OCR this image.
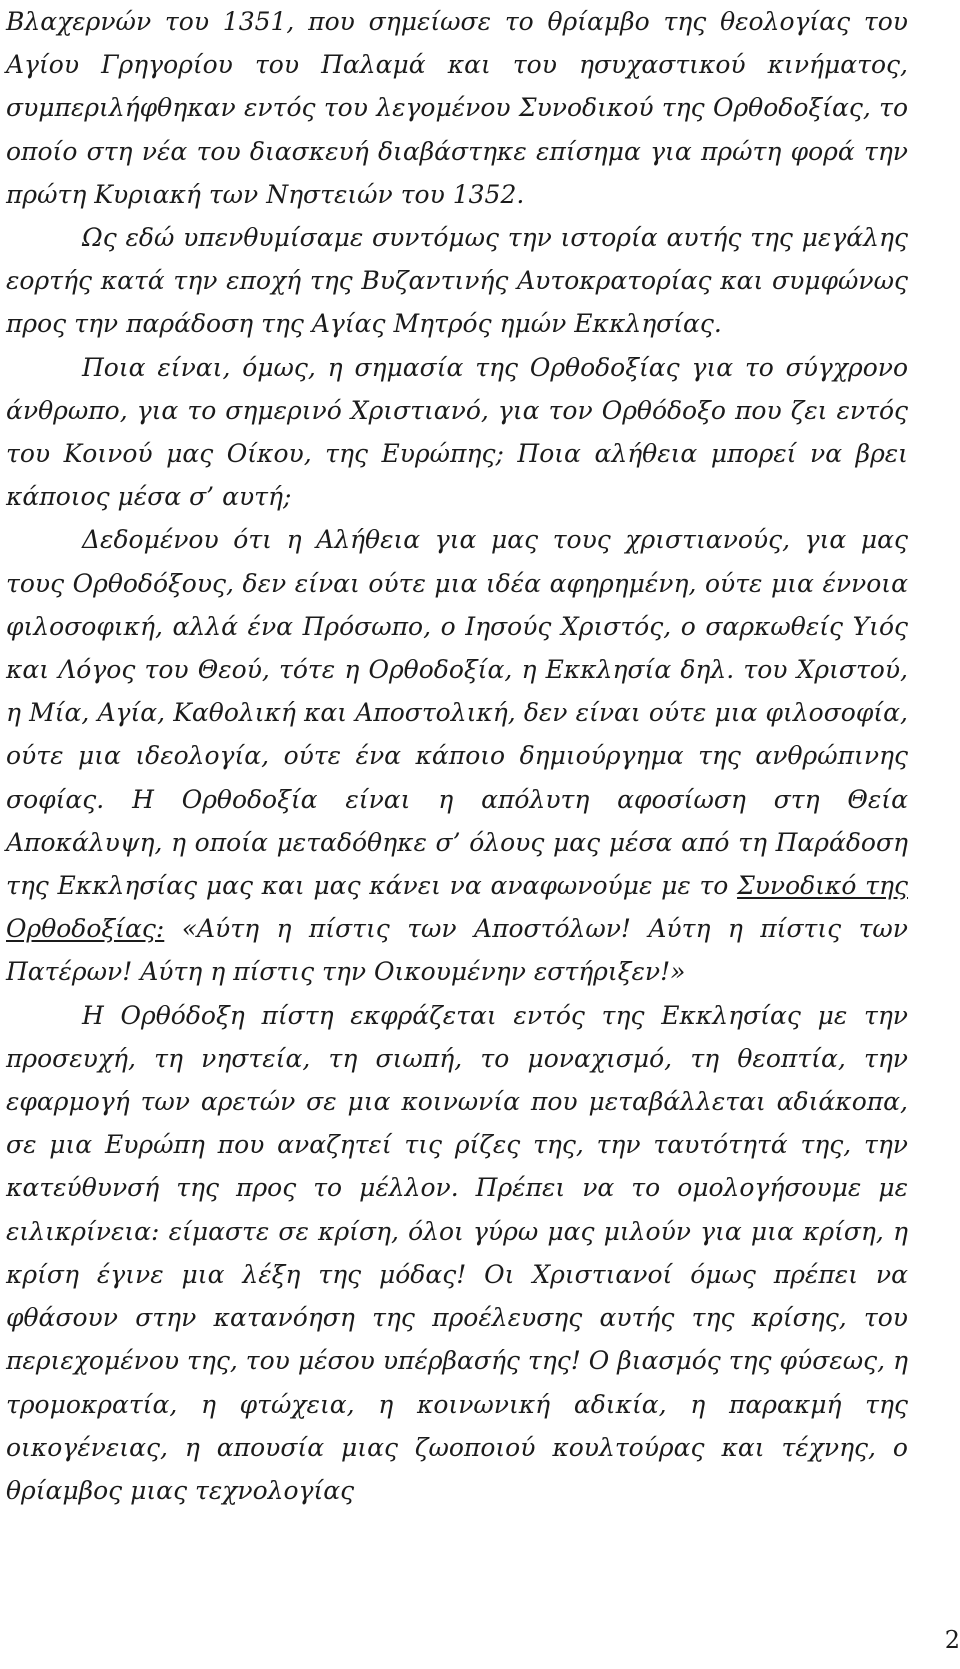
Βλαχερνών του 1351, που σημείωσε το θρίαμβο της θεολογίας του Αγίου Γρηγορίου του Παλαμά και του ησυχαστικού κινήματος, συμπεριλήφθηκαν εντός του λεγομένου Συνοδικού της Ορθοδοξίας, το οποίο στη νέα του διασκευή διαβάστηκε επίσημα για πρώτη φορά την πρώτη Κυριακή των Νηστειών του 1352.

Ως εδώ υπενθυμίσαμε συντόμως την ιστορία αυτής της μεγάλης εορτής κατά την εποχή της Βυζαντινής Αυτοκρατορίας και συμφώνως προς την παράδοση της Αγίας Μητρός ημών Εκκλησίας.

Ποια είναι, όμως, η σημασία της Ορθοδοξίας για το σύγχρονο άνθρωπο, για το σημερινό Χριστιανό, για τον Ορθόδοξο που ζει εντός του Κοινού μας Οίκου, της Ευρώπης; Ποια αλήθεια μπορεί να βρει κάποιος μέσα σ’ αυτή;

Δεδομένου ότι η Αλήθεια για μας τους χριστιανούς, για μας τους Ορθοδόξους, δεν είναι ούτε μια ιδέα αφηρημένη, ούτε μια έννοια φιλοσοφική, αλλά ένα Πρόσωπο, ο Ιησούς Χριστός, ο σαρκωθείς Υιός και Λόγος του Θεού, τότε η Ορθοδοξία, η Εκκλησία δηλ. του Χριστού, η Μία, Αγία, Καθολική και Αποστολική, δεν είναι ούτε μια φιλοσοφία, ούτε μια ιδεολογία, ούτε ένα κάποιο δημιούργημα της ανθρώπινης σοφίας. Η Ορθοδοξία είναι η απόλυτη αφοσίωση στη Θεία Αποκάλυψη, η οποία μεταδόθηκε σ’ όλους μας μέσα από τη Παράδοση της Εκκλησίας μας και μας κάνει να αναφωνούμε με το Συνοδικό της Ορθοδοξίας: «Αύτη η πίστις των Αποστόλων! Αύτη η πίστις των Πατέρων! Αύτη η πίστις την Οικουμένην εστήριξεν!»

Η Ορθόδοξη πίστη εκφράζεται εντός της Εκκλησίας με την προσευχή, τη νηστεία, τη σιωπή, το μοναχισμό, τη θεοπτία, την εφαρμογή των αρετών σε μια κοινωνία που μεταβάλλεται αδιάκοπα, σε μια Ευρώπη που αναζητεί τις ρίζες της, την ταυτότητά της, την κατεύθυνσή της προς το μέλλον. Πρέπει να το ομολογήσουμε με ειλικρίνεια: είμαστε σε κρίση, όλοι γύρω μας μιλούν για μια κρίση, η κρίση έγινε μια λέξη της μόδας! Οι Χριστιανοί όμως πρέπει να φθάσουν στην κατανόηση της προέλευσης αυτής της κρίσης, του περιεχομένου της, του μέσου υπέρβασής της! Ο βιασμός της φύσεως, η τρομοκρατία, η φτώχεια, η κοινωνική αδικία, η παρακμή της οικογένειας, η απουσία μιας ζωοποιού κουλτούρας και τέχνης, ο θρίαμβος μιας τεχνολογίας

2
